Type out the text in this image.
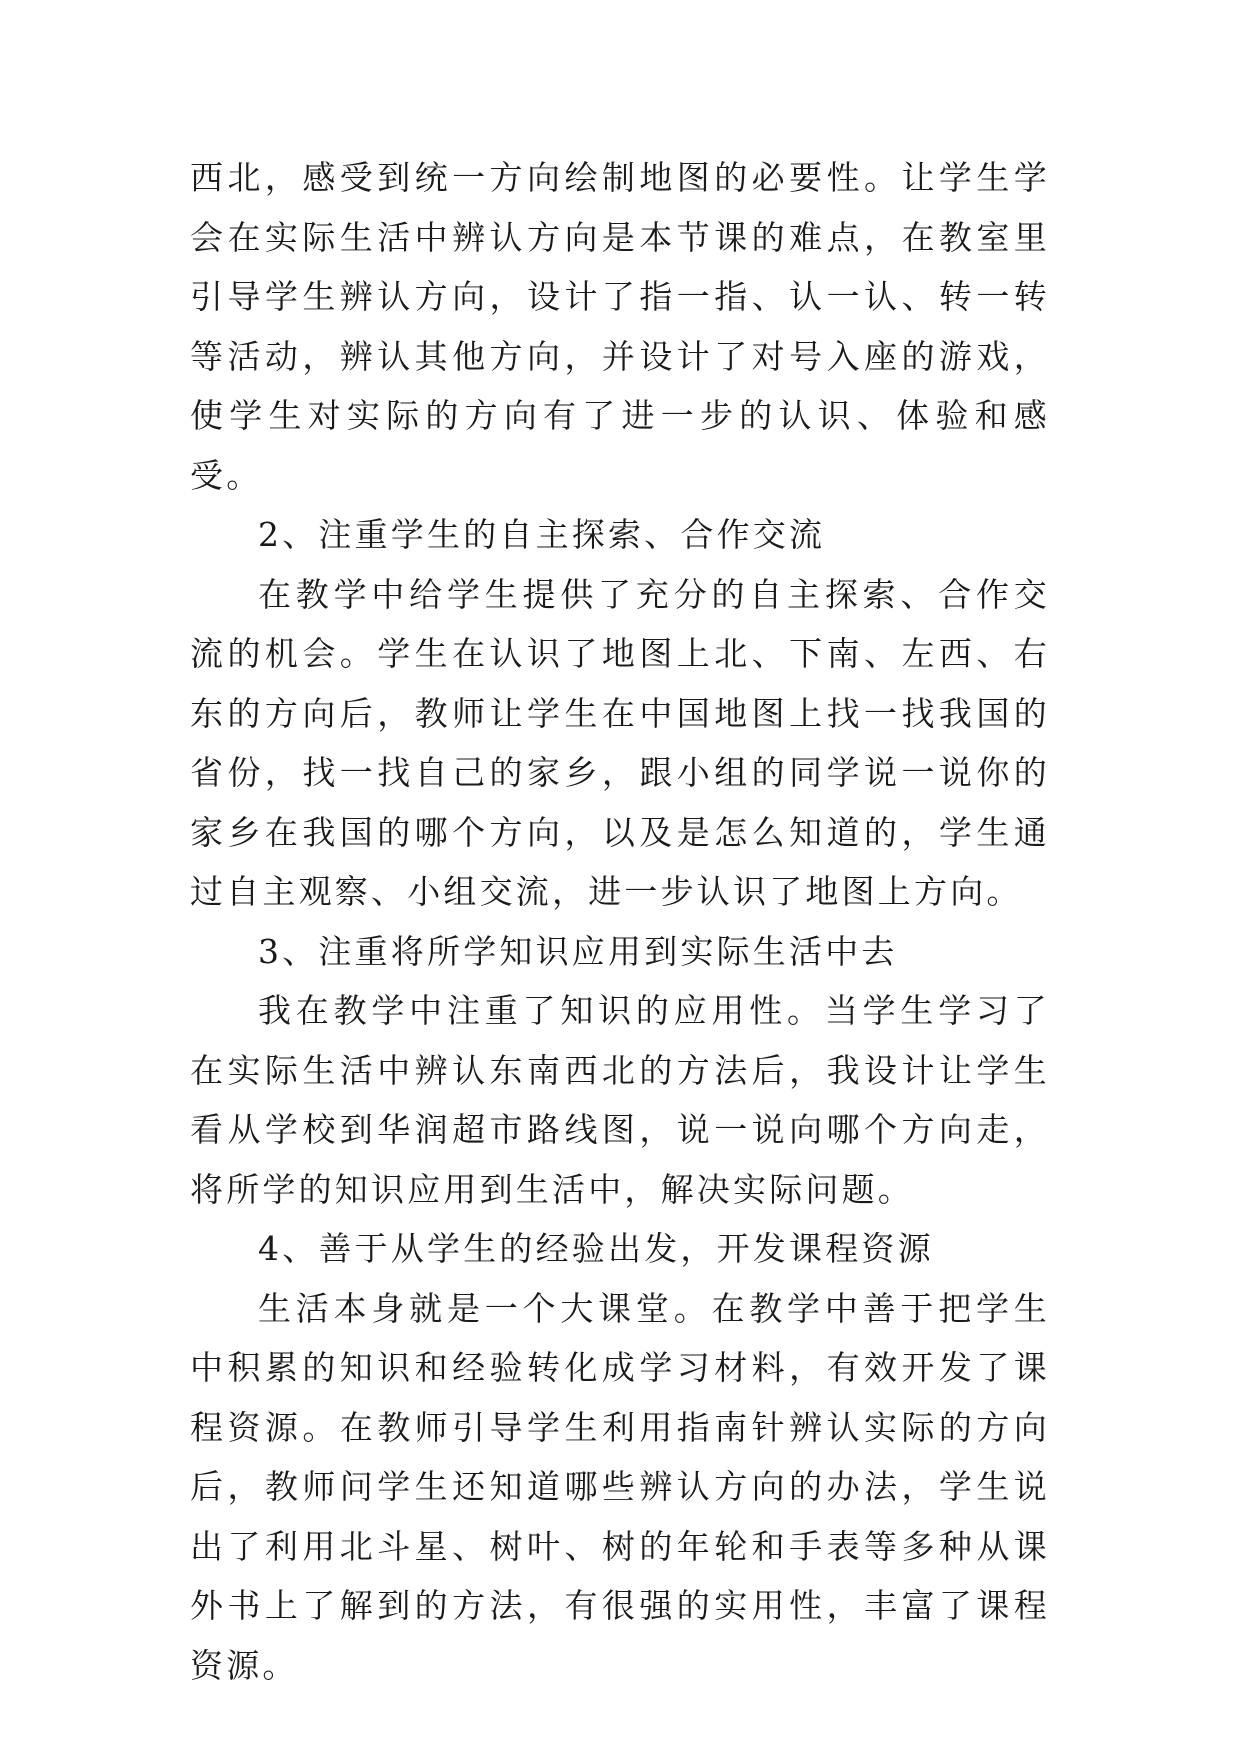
西北，感受到统一方向绘制地图的必要性。让学生学会在实际生活中辨认方向是本节课的难点，在教室里引导学生辨认方向，设计了指一指、认一认、转一转等活动，辨认其他方向，并设计了对号入座的游戏，使学生对实际的方向有了进一步的认识、体验和感受。

2、注重学生的自主探索、合作交流

在教学中给学生提供了充分的自主探索、合作交流的机会。学生在认识了地图上北、下南、左西、右东的方向后，教师让学生在中国地图上找一找我国的省份，找一找自己的家乡，跟小组的同学说一说你的家乡在我国的哪个方向，以及是怎么知道的，学生通过自主观察、小组交流，进一步认识了地图上方向。

3、注重将所学知识应用到实际生活中去

我在教学中注重了知识的应用性。当学生学习了在实际生活中辨认东南西北的方法后，我设计让学生看从学校到华润超市路线图，说一说向哪个方向走，将所学的知识应用到生活中，解决实际问题。

4、善于从学生的经验出发，开发课程资源

生活本身就是一个大课堂。在教学中善于把学生中积累的知识和经验转化成学习材料，有效开发了课程资源。在教师引导学生利用指南针辨认实际的方向后，教师问学生还知道哪些辨认方向的办法，学生说出了利用北斗星、树叶、树的年轮和手表等多种从课外书上了解到的方法，有很强的实用性，丰富了课程资源。
